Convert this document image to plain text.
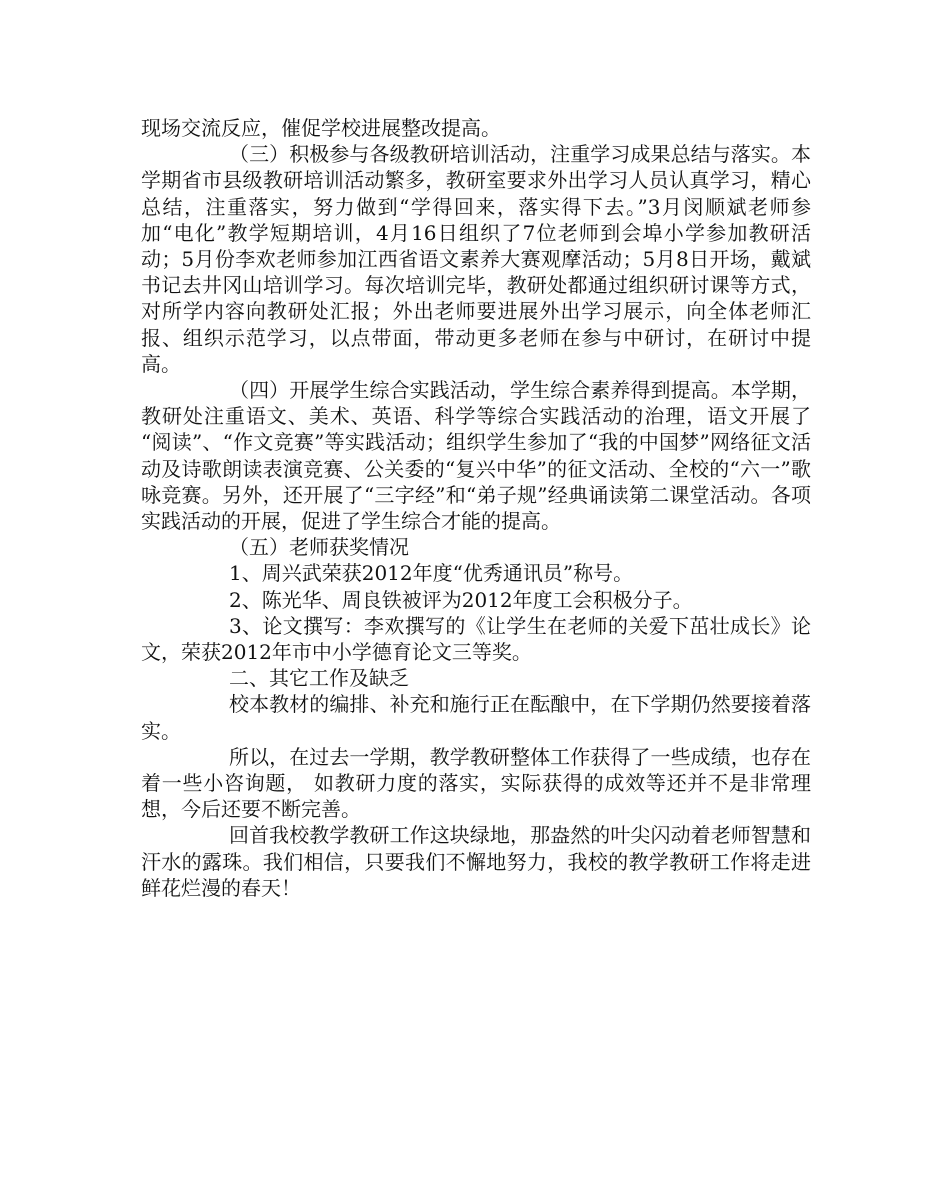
现场交流反应，催促学校进展整改提高。

（三）积极参与各级教研培训活动，注重学习成果总结与落实。本学期省市县级教研培训活动繁多，教研室要求外出学习人员认真学习，精心总结，注重落实，努力做到“学得回来，落实得下去。”3月闵顺斌老师参加“电化”教学短期培训，4月16日组织了7位老师到会埠小学参加教研活动；5月份李欢老师参加江西省语文素养大赛观摩活动；5月8日开场，戴斌书记去井冈山培训学习。每次培训完毕，教研处都通过组织研讨课等方式，对所学内容向教研处汇报；外出老师要进展外出学习展示，向全体老师汇报、组织示范学习，以点带面，带动更多老师在参与中研讨，在研讨中提高。

（四）开展学生综合实践活动，学生综合素养得到提高。本学期，教研处注重语文、美术、英语、科学等综合实践活动的治理，语文开展了 “阅读”、“作文竞赛”等实践活动；组织学生参加了“我的中国梦”网络征文活动及诗歌朗读表演竞赛、公关委的“复兴中华”的征文活动、全校的“六一”歌咏竞赛。另外，还开展了“三字经”和“弟子规”经典诵读第二课堂活动。各项实践活动的开展，促进了学生综合才能的提高。

（五）老师获奖情况

1、周兴武荣获2012年度“优秀通讯员”称号。

2、陈光华、周良铁被评为2012年度工会积极分子。

3、论文撰写：李欢撰写的《让学生在老师的关爱下茁壮成长》论文，荣获2012年市中小学德育论文三等奖。

二、其它工作及缺乏

校本教材的编排、补充和施行正在酝酿中，在下学期仍然要接着落实。

所以，在过去一学期，教学教研整体工作获得了一些成绩，也存在着一些小咨询题， 如教研力度的落实，实际获得的成效等还并不是非常理想，今后还要不断完善。

回首我校教学教研工作这块绿地，那盎然的叶尖闪动着老师智慧和汗水的露珠。我们相信，只要我们不懈地努力，我校的教学教研工作将走进鲜花烂漫的春天！
